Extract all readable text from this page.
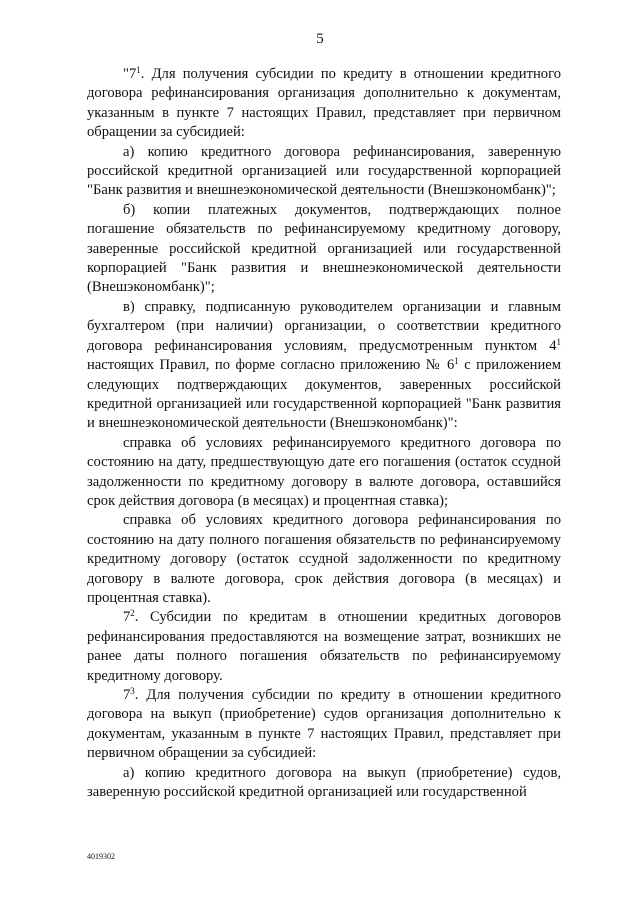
5

"$7^1$. Для получения субсидии по кредиту в отношении кредитного договора рефинансирования организация дополнительно к документам, указанным в пункте 7 настоящих Правил, представляет при первичном обращении за субсидией:

а) копию кредитного договора рефинансирования, заверенную российской кредитной организацией или государственной корпорацией "Банк развития и внешнеэкономической деятельности (Внешэкономбанк)";

б) копии платежных документов, подтверждающих полное погашение обязательств по рефинансируемому кредитному договору, заверенные российской кредитной организацией или государственной корпорацией "Банк развития и внешнеэкономической деятельности (Внешэкономбанк)";

в) справку, подписанную руководителем организации и главным бухгалтером (при наличии) организации, о соответствии кредитного договора рефинансирования условиям, предусмотренным пунктом $4^1$ настоящих Правил, по форме согласно приложению № $6^1$ с приложением следующих подтверждающих документов, заверенных российской кредитной организацией или государственной корпорацией "Банк развития и внешнеэкономической деятельности (Внешэкономбанк)":

справка об условиях рефинансируемого кредитного договора по состоянию на дату, предшествующую дате его погашения (остаток ссудной задолженности по кредитному договору в валюте договора, оставшийся срок действия договора (в месяцах) и процентная ставка);

справка об условиях кредитного договора рефинансирования по состоянию на дату полного погашения обязательств по рефинансируемому кредитному договору (остаток ссудной задолженности по кредитному договору в валюте договора, срок действия договора (в месяцах) и процентная ставка).

$7^2$. Субсидии по кредитам в отношении кредитных договоров рефинансирования предоставляются на возмещение затрат, возникших не ранее даты полного погашения обязательств по рефинансируемому кредитному договору.

$7^3$. Для получения субсидии по кредиту в отношении кредитного договора на выкуп (приобретение) судов организация дополнительно к документам, указанным в пункте 7 настоящих Правил, представляет при первичном обращении за субсидией:

а) копию кредитного договора на выкуп (приобретение) судов, заверенную российской кредитной организацией или государственной

4019302
